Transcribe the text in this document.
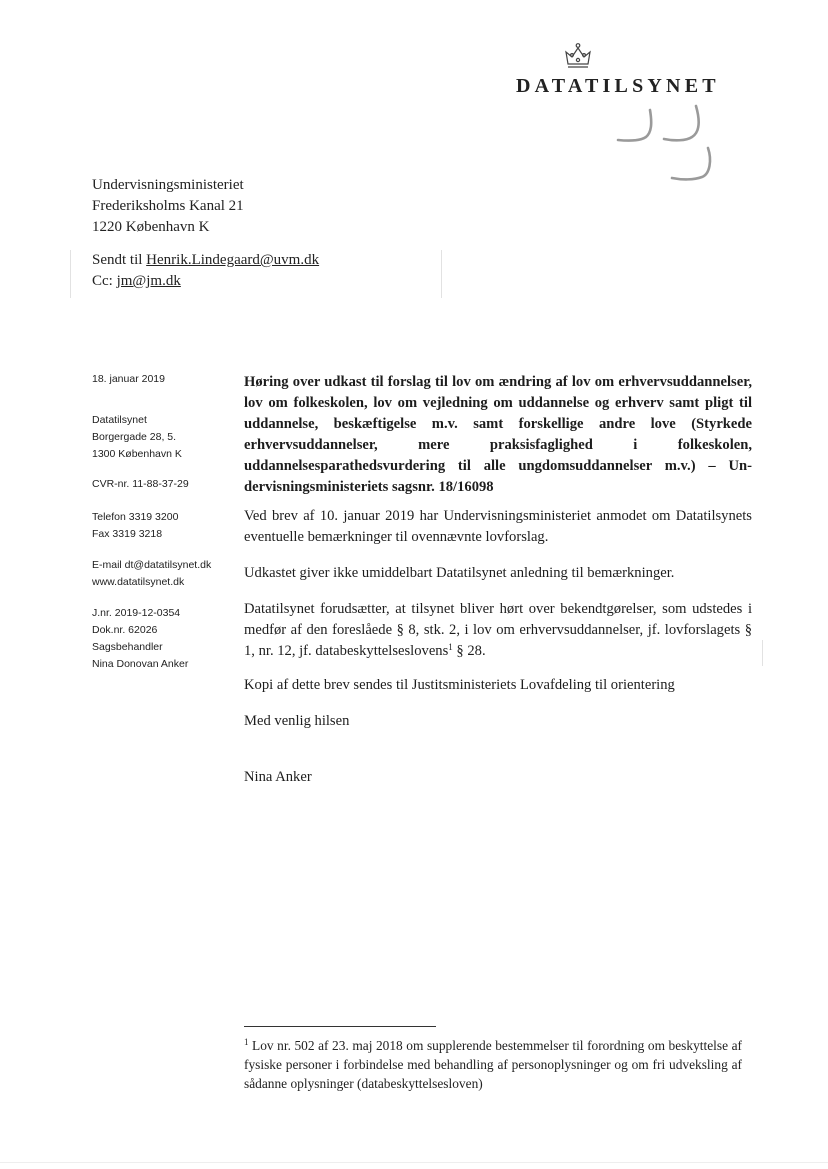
DATATILSYNET
Undervisningsministeriet
Frederiksholms Kanal 21
1220 København K
Sendt til Henrik.Lindegaard@uvm.dk
Cc: jm@jm.dk
18. januar 2019
Datatilsynet
Borgergade 28, 5.
1300 København K
CVR-nr. 11-88-37-29
Telefon 3319 3200
Fax 3319 3218
E-mail dt@datatilsynet.dk
www.datatilsynet.dk
J.nr. 2019-12-0354
Dok.nr. 62026
Sagsbehandler
Nina Donovan Anker
Høring over udkast til forslag til lov om ændring af lov om erhvervsuddannelser, lov om folkeskolen, lov om vejledning om uddannelse og erhverv samt pligt til uddannelse, beskæftigelse m.v. samt forskellige andre love (Styrkede erhvervsuddannelser, mere praksisfaglighed i folkeskolen, uddannelsesparathedsvurdering til alle ungdomsuddannelser m.v.) – Undervisningsministeriets sagsnr. 18/16098
Ved brev af 10. januar 2019 har Undervisningsministeriet anmodet om Datatilsynets eventuelle bemærkninger til ovennævnte lovforslag.
Udkastet giver ikke umiddelbart Datatilsynet anledning til bemærkninger.
Datatilsynet forudsætter, at tilsynet bliver hørt over bekendtgørelser, som udstedes i medfør af den foreslåede § 8, stk. 2, i lov om erhvervsuddannelser, jf. lovforslagets § 1, nr. 12, jf. databeskyttelseslovens$^1$ § 28.
Kopi af dette brev sendes til Justitsministeriets Lovafdeling til orientering
Med venlig hilsen
Nina Anker
$^1$ Lov nr. 502 af 23. maj 2018 om supplerende bestemmelser til forordning om beskyttelse af fysiske personer i forbindelse med behandling af personoplysninger og om fri udveksling af sådanne oplysninger (databeskyttelsesloven)
